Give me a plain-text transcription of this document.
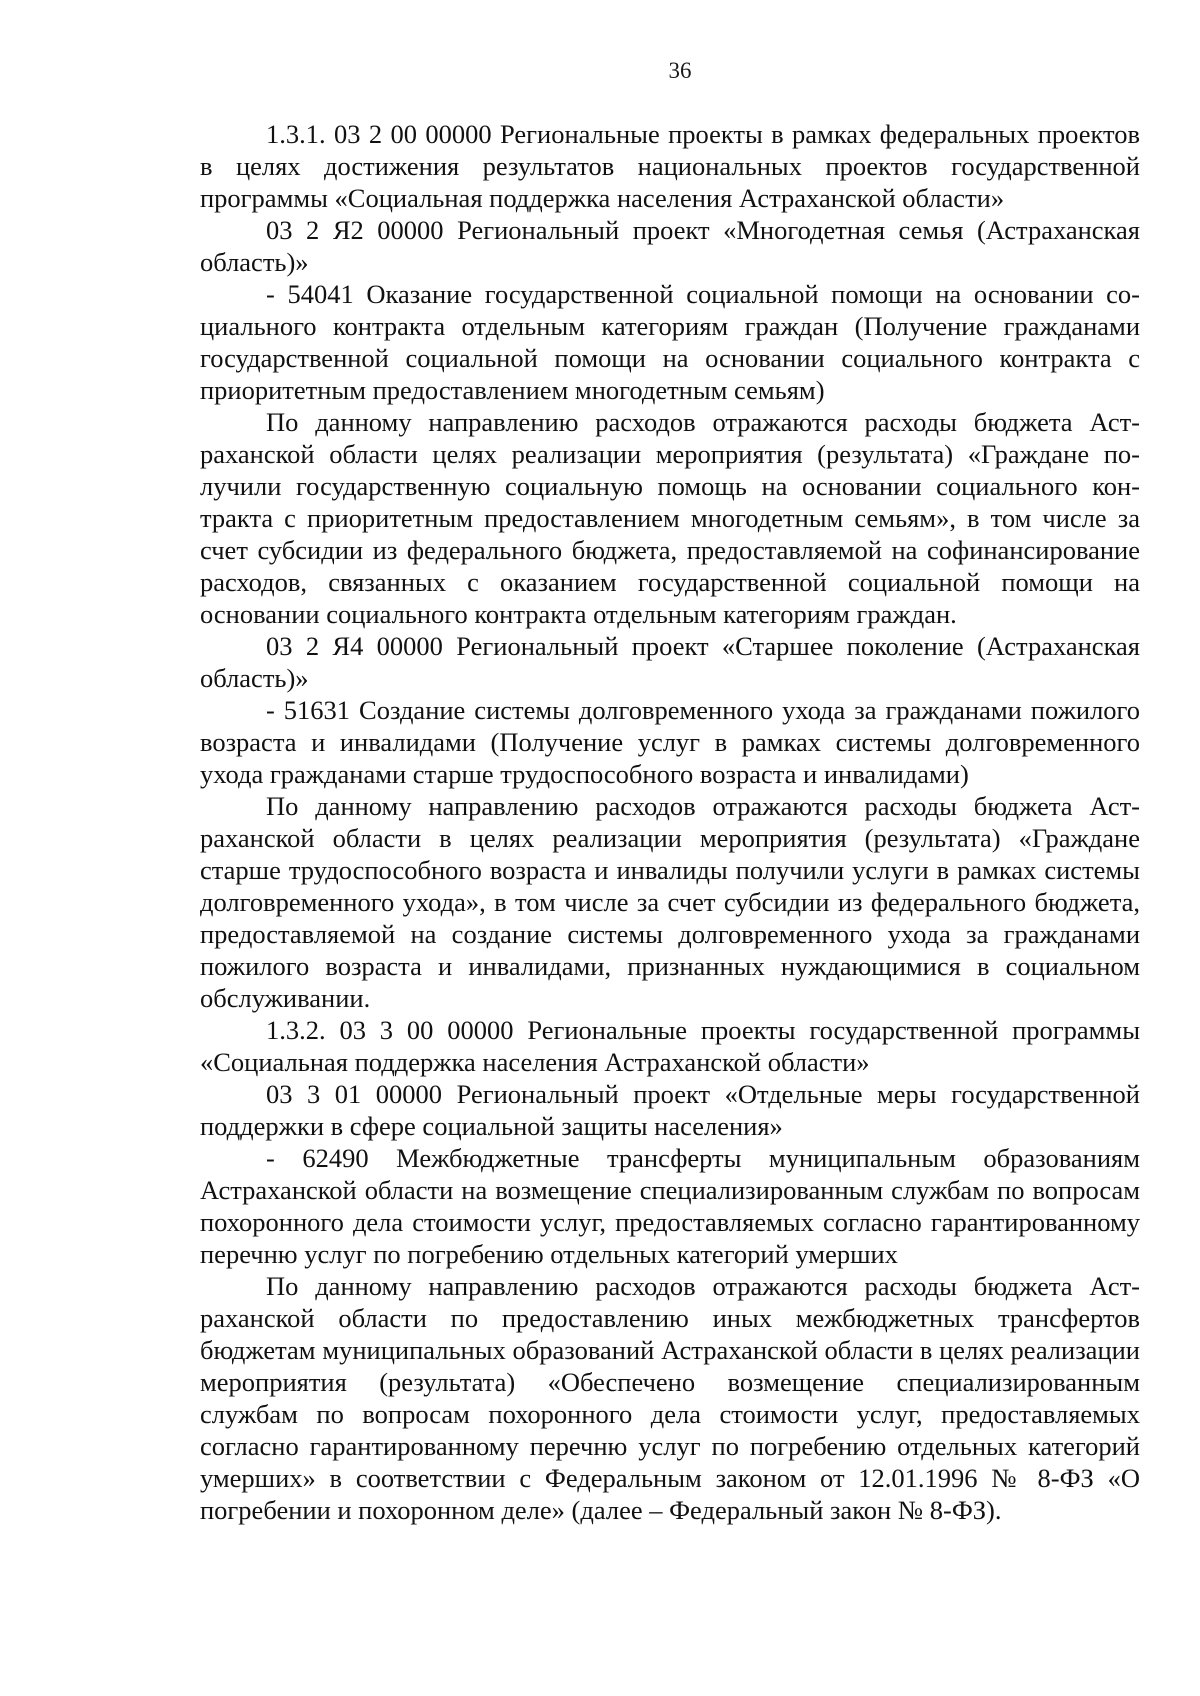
36

1.3.1. 03 2 00 00000 Региональные проекты в рамках федеральных проектов в целях достижения результатов национальных проектов государственной программы «Социальная поддержка населения Астраханской области»

03 2 Я2 00000 Региональный проект «Многодетная семья (Астраханская область)»

- 54041 Оказание государственной социальной помощи на основании социального контракта отдельным категориям граждан (Получение гражданами государственной социальной помощи на основании социального контракта с приоритетным предоставлением многодетным семьям)

По данному направлению расходов отражаются расходы бюджета Астраханской области целях реализации мероприятия (результата) «Граждане получили государственную социальную помощь на основании социального контракта с приоритетным предоставлением многодетным семьям», в том числе за счет субсидии из федерального бюджета, предоставляемой на софинансирование расходов, связанных с оказанием государственной социальной помощи на основании социального контракта отдельным категориям граждан.

03 2 Я4 00000 Региональный проект «Старшее поколение (Астраханская область)»

- 51631 Создание системы долговременного ухода за гражданами пожилого возраста и инвалидами (Получение услуг в рамках системы долговременного ухода гражданами старше трудоспособного возраста и инвалидами)

По данному направлению расходов отражаются расходы бюджета Астраханской области в целях реализации мероприятия (результата) «Граждане старше трудоспособного возраста и инвалиды получили услуги в рамках системы долговременного ухода», в том числе за счет субсидии из федерального бюджета, предоставляемой на создание системы долговременного ухода за гражданами пожилого возраста и инвалидами, признанных нуждающимися в социальном обслуживании.

1.3.2. 03 3 00 00000 Региональные проекты государственной программы «Социальная поддержка населения Астраханской области»

03 3 01 00000 Региональный проект «Отдельные меры государственной поддержки в сфере социальной защиты населения»

- 62490 Межбюджетные трансферты муниципальным образованиям Астраханской области на возмещение специализированным службам по вопросам похоронного дела стоимости услуг, предоставляемых согласно гарантированному перечню услуг по погребению отдельных категорий умерших

По данному направлению расходов отражаются расходы бюджета Астраханской области по предоставлению иных межбюджетных трансфертов бюджетам муниципальных образований Астраханской области в целях реализации мероприятия (результата) «Обеспечено возмещение специализированным службам по вопросам похоронного дела стоимости услуг, предоставляемых согласно гарантированному перечню услуг по погребению отдельных категорий умерших» в соответствии с Федеральным законом от 12.01.1996 № 8-ФЗ «О погребении и похоронном деле» (далее – Федеральный закон № 8-ФЗ).
